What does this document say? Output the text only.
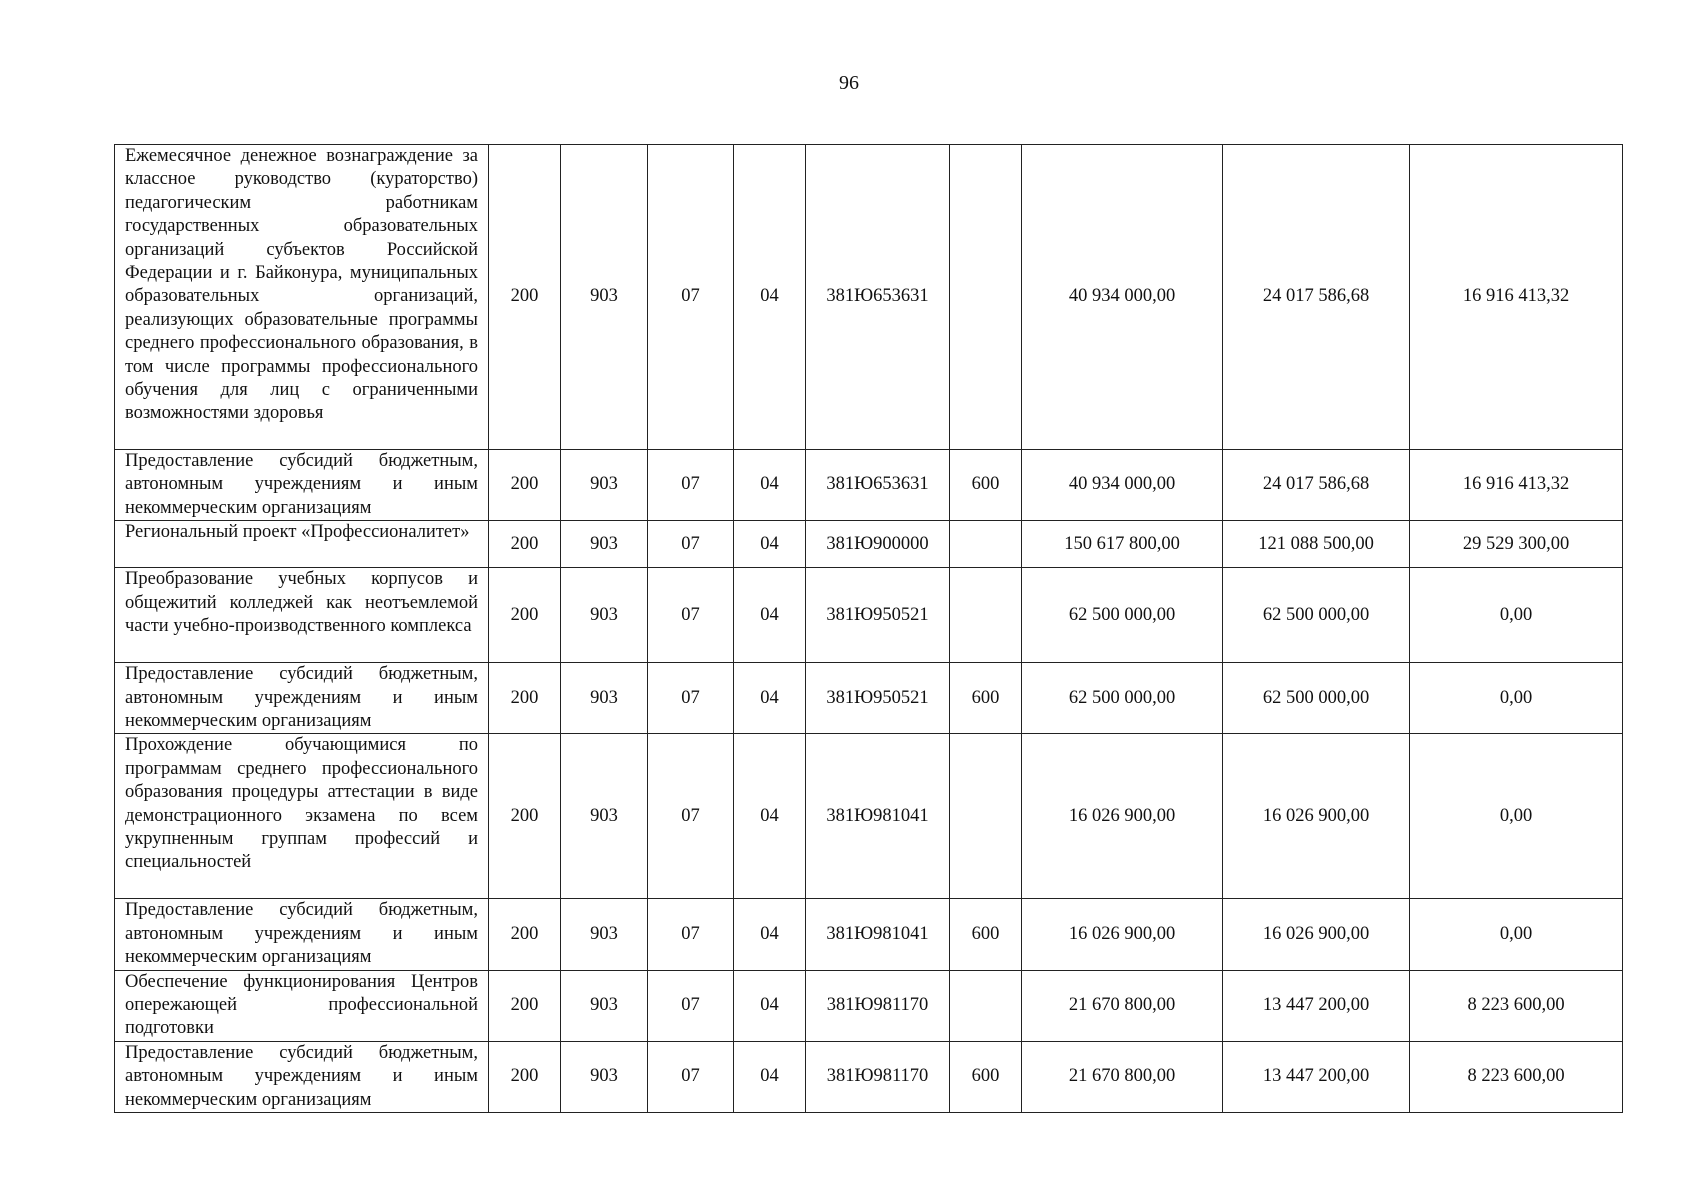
96
Ежемесячное денежное вознаграждение за классное руководство (кураторство) педагогическим работникам государственных образовательных организаций субъектов Российской Федерации и г. Байконура, муниципальных образовательных организаций, реализующих образовательные программы среднего профессионального образования, в том числе программы профессионального обучения для лиц с ограниченными возможностями здоровья	200	903	07	04	381Ю653631		40 934 000,00	24 017 586,68	16 916 413,32
Предоставление субсидий бюджетным, автономным учреждениям и иным некоммерческим организациям	200	903	07	04	381Ю653631	600	40 934 000,00	24 017 586,68	16 916 413,32
Региональный проект «Профессионалитет»	200	903	07	04	381Ю900000		150 617 800,00	121 088 500,00	29 529 300,00
Преобразование учебных корпусов и общежитий колледжей как неотъемлемой части учебно-производственного комплекса	200	903	07	04	381Ю950521		62 500 000,00	62 500 000,00	0,00
Предоставление субсидий бюджетным, автономным учреждениям и иным некоммерческим организациям	200	903	07	04	381Ю950521	600	62 500 000,00	62 500 000,00	0,00
Прохождение обучающимися по программам среднего профессионального образования процедуры аттестации в виде демонстрационного экзамена по всем укрупненным группам профессий и специальностей	200	903	07	04	381Ю981041		16 026 900,00	16 026 900,00	0,00
Предоставление субсидий бюджетным, автономным учреждениям и иным некоммерческим организациям	200	903	07	04	381Ю981041	600	16 026 900,00	16 026 900,00	0,00
Обеспечение функционирования Центров опережающей профессиональной подготовки	200	903	07	04	381Ю981170		21 670 800,00	13 447 200,00	8 223 600,00
Предоставление субсидий бюджетным, автономным учреждениям и иным некоммерческим организациям	200	903	07	04	381Ю981170	600	21 670 800,00	13 447 200,00	8 223 600,00
